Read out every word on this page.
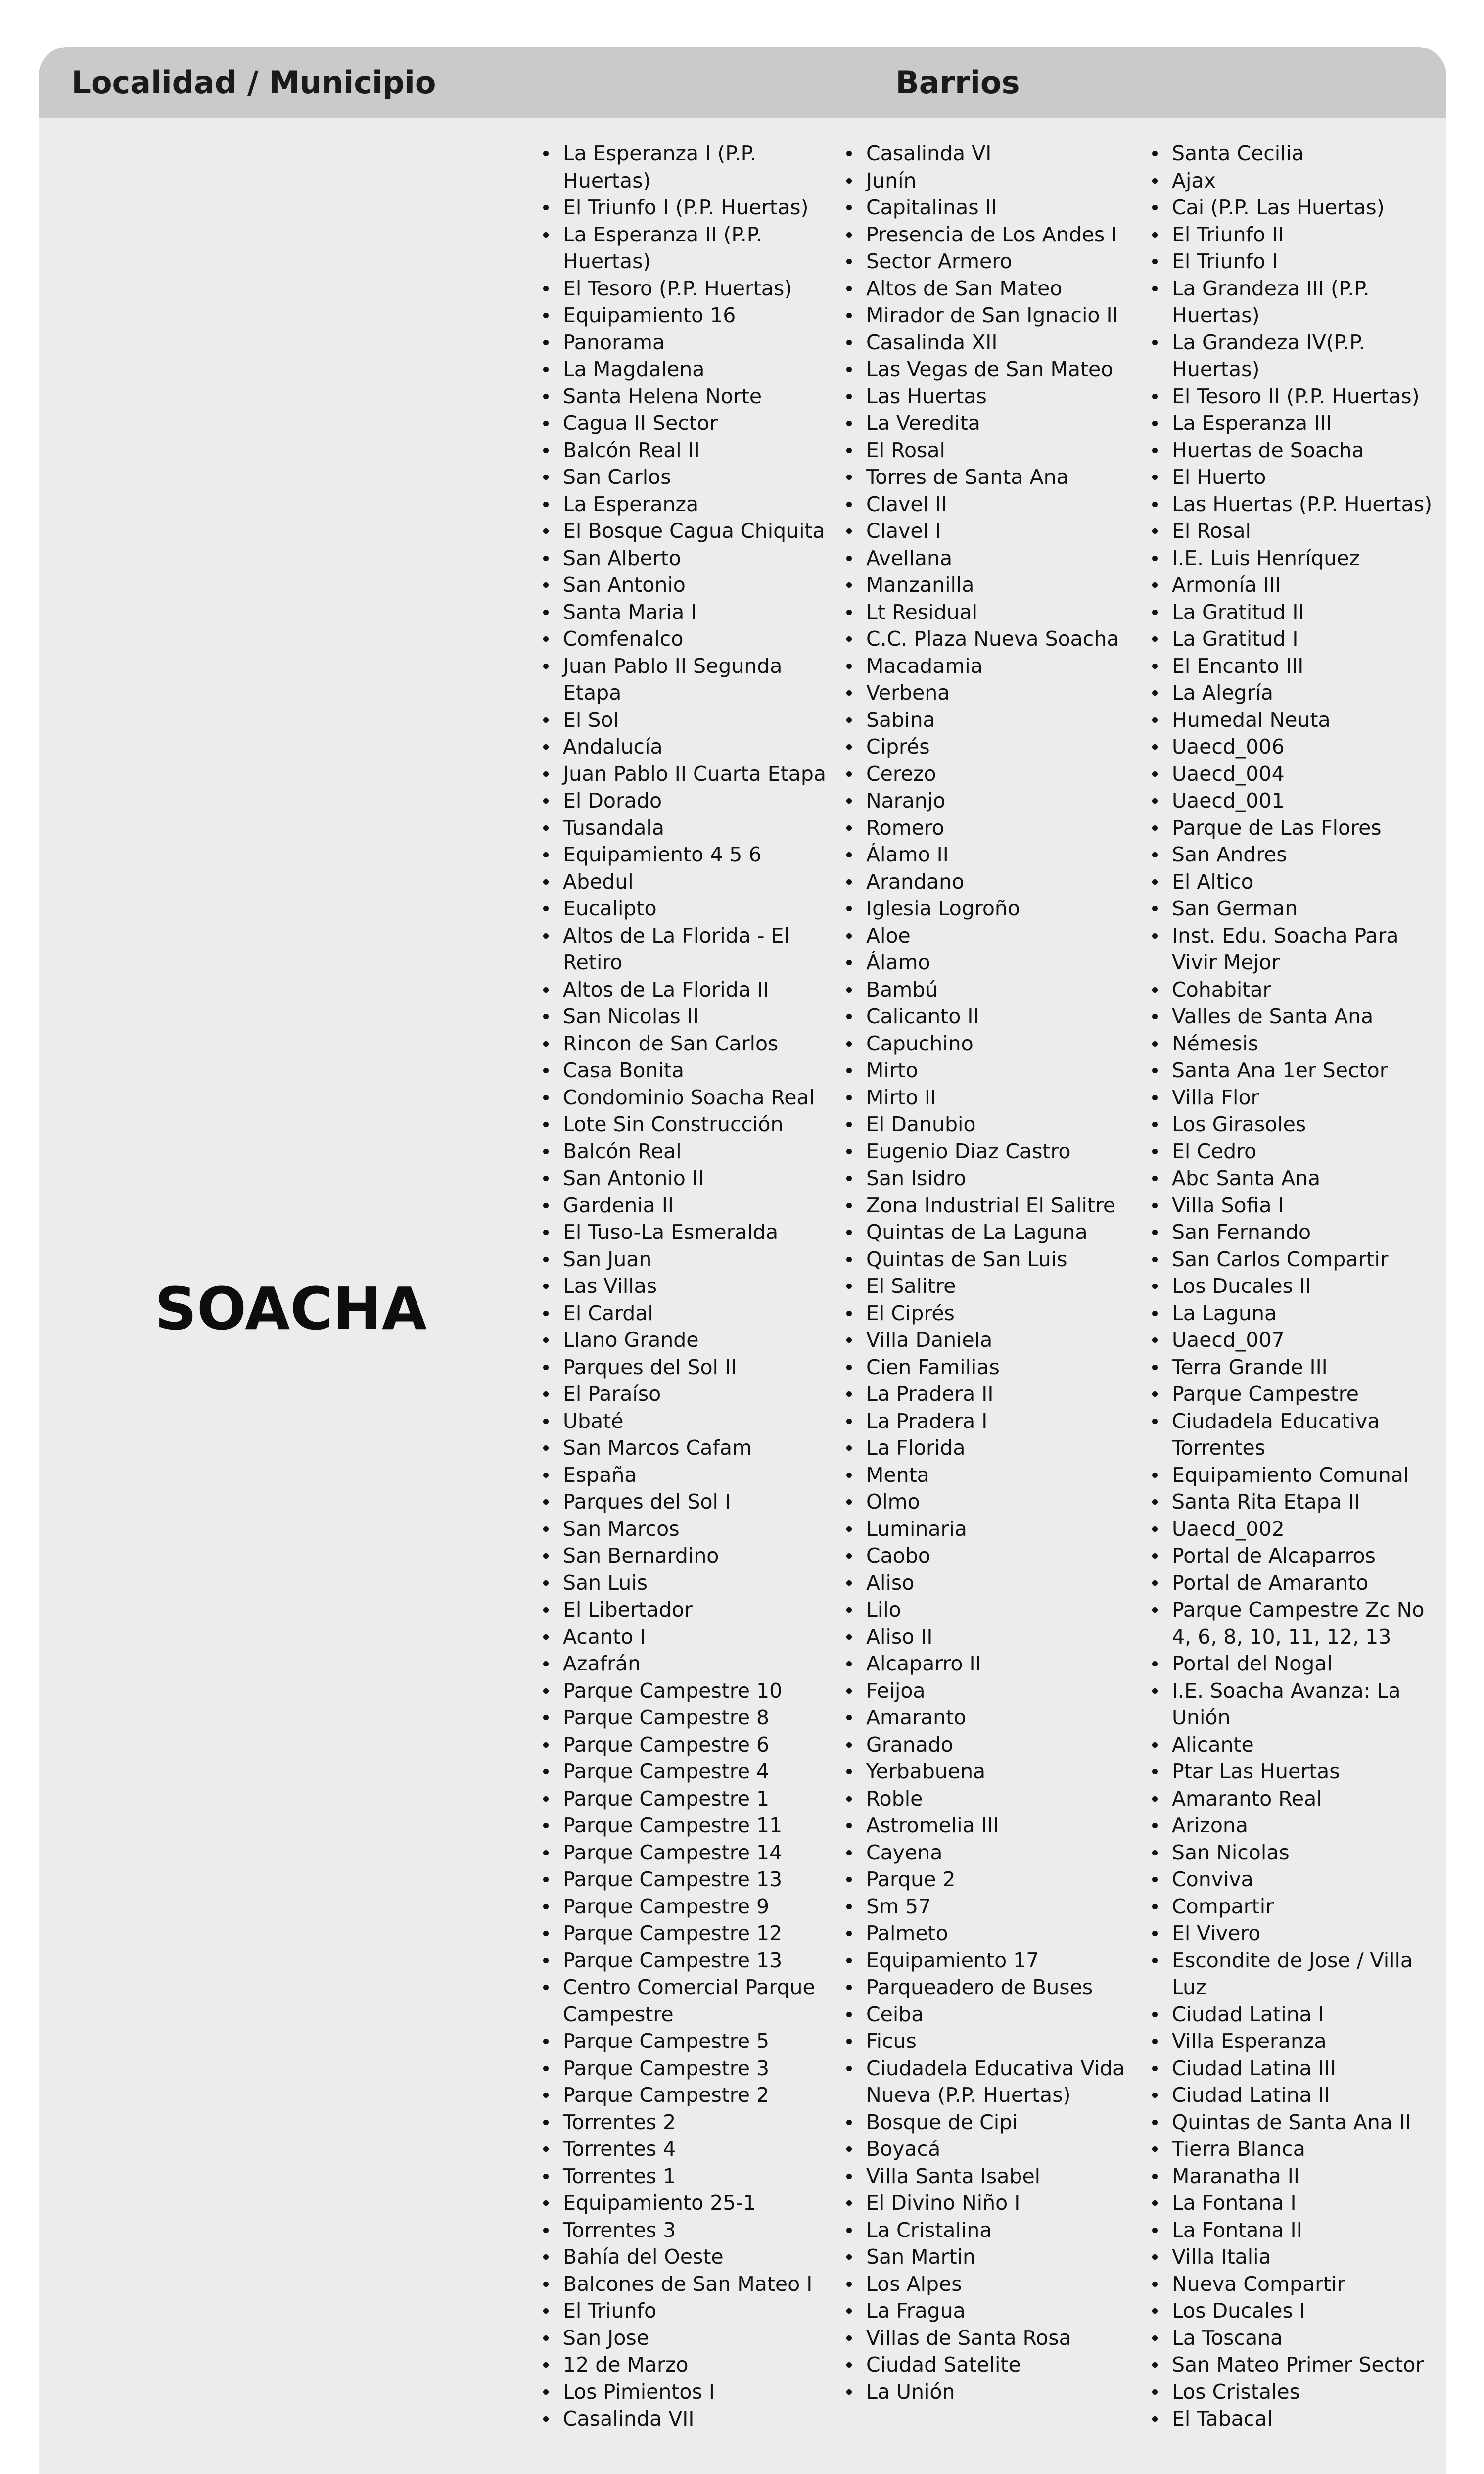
Localidad / Municipio	Barrios
SOACHA
La Esperanza I (P.P. Huertas)
El Triunfo I (P.P. Huertas)
La Esperanza II (P.P. Huertas)
El Tesoro (P.P. Huertas)
Equipamiento 16
Panorama
La Magdalena
Santa Helena Norte
Cagua II Sector
Balcón Real II
San Carlos
La Esperanza
El Bosque Cagua Chiquita
San Alberto
San Antonio
Santa Maria I
Comfenalco
Juan Pablo II Segunda Etapa
El Sol
Andalucía
Juan Pablo II Cuarta Etapa
El Dorado
Tusandala
Equipamiento 4 5 6
Abedul
Eucalipto
Altos de La Florida - El Retiro
Altos de La Florida II
San Nicolas II
Rincon de San Carlos
Casa Bonita
Condominio Soacha Real
Lote Sin Construcción
Balcón Real
San Antonio II
Gardenia II
El Tuso-La Esmeralda
San Juan
Las Villas
El Cardal
Llano Grande
Parques del Sol II
El Paraíso
Ubaté
San Marcos Cafam
España
Parques del Sol I
San Marcos
San Bernardino
San Luis
El Libertador
Acanto I
Azafrán
Parque Campestre 10
Parque Campestre 8
Parque Campestre 6
Parque Campestre 4
Parque Campestre 1
Parque Campestre 11
Parque Campestre 14
Parque Campestre 13
Parque Campestre 9
Parque Campestre 12
Parque Campestre 13
Centro Comercial Parque Campestre
Parque Campestre 5
Parque Campestre 3
Parque Campestre 2
Torrentes 2
Torrentes 4
Torrentes 1
Equipamiento 25-1
Torrentes 3
Bahía del Oeste
Balcones de San Mateo I
El Triunfo
San Jose
12 de Marzo
Los Pimientos I
Casalinda VII
Casalinda VI
Junín
Capitalinas II
Presencia de Los Andes I
Sector Armero
Altos de San Mateo
Mirador de San Ignacio II
Casalinda XII
Las Vegas de San Mateo
Las Huertas
La Veredita
El Rosal
Torres de Santa Ana
Clavel II
Clavel I
Avellana
Manzanilla
Lt Residual
C.C. Plaza Nueva Soacha
Macadamia
Verbena
Sabina
Ciprés
Cerezo
Naranjo
Romero
Álamo II
Arandano
Iglesia Logroño
Aloe
Álamo
Bambú
Calicanto II
Capuchino
Mirto
Mirto II
El Danubio
Eugenio Diaz Castro
San Isidro
Zona Industrial El Salitre
Quintas de La Laguna
Quintas de San Luis
El Salitre
El Ciprés
Villa Daniela
Cien Familias
La Pradera II
La Pradera I
La Florida
Menta
Olmo
Luminaria
Caobo
Aliso
Lilo
Aliso II
Alcaparro II
Feijoa
Amaranto
Granado
Yerbabuena
Roble
Astromelia III
Cayena
Parque 2
Sm 57
Palmeto
Equipamiento 17
Parqueadero de Buses
Ceiba
Ficus
Ciudadela Educativa Vida Nueva (P.P. Huertas)
Bosque de Cipi
Boyacá
Villa Santa Isabel
El Divino Niño I
La Cristalina
San Martin
Los Alpes
La Fragua
Villas de Santa Rosa
Ciudad Satelite
La Unión
Santa Cecilia
Ajax
Cai (P.P. Las Huertas)
El Triunfo II
El Triunfo I
La Grandeza III (P.P. Huertas)
La Grandeza IV(P.P. Huertas)
El Tesoro II (P.P. Huertas)
La Esperanza III
Huertas de Soacha
El Huerto
Las Huertas (P.P. Huertas)
El Rosal
I.E. Luis Henríquez
Armonía III
La Gratitud II
La Gratitud I
El Encanto III
La Alegría
Humedal Neuta
Uaecd_006
Uaecd_004
Uaecd_001
Parque de Las Flores
San Andres
El Altico
San German
Inst. Edu. Soacha Para Vivir Mejor
Cohabitar
Valles de Santa Ana
Némesis
Santa Ana 1er Sector
Villa Flor
Los Girasoles
El Cedro
Abc Santa Ana
Villa Sofia I
San Fernando
San Carlos Compartir
Los Ducales II
La Laguna
Uaecd_007
Terra Grande III
Parque Campestre
Ciudadela Educativa Torrentes
Equipamiento Comunal
Santa Rita Etapa II
Uaecd_002
Portal de Alcaparros
Portal de Amaranto
Parque Campestre Zc No 4, 6, 8, 10, 11, 12, 13
Portal del Nogal
I.E. Soacha Avanza: La Unión
Alicante
Ptar Las Huertas
Amaranto Real
Arizona
San Nicolas
Conviva
Compartir
El Vivero
Escondite de Jose / Villa Luz
Ciudad Latina I
Villa Esperanza
Ciudad Latina III
Ciudad Latina II
Quintas de Santa Ana II
Tierra Blanca
Maranatha II
La Fontana I
La Fontana II
Villa Italia
Nueva Compartir
Los Ducales I
La Toscana
San Mateo Primer Sector
Los Cristales
El Tabacal
